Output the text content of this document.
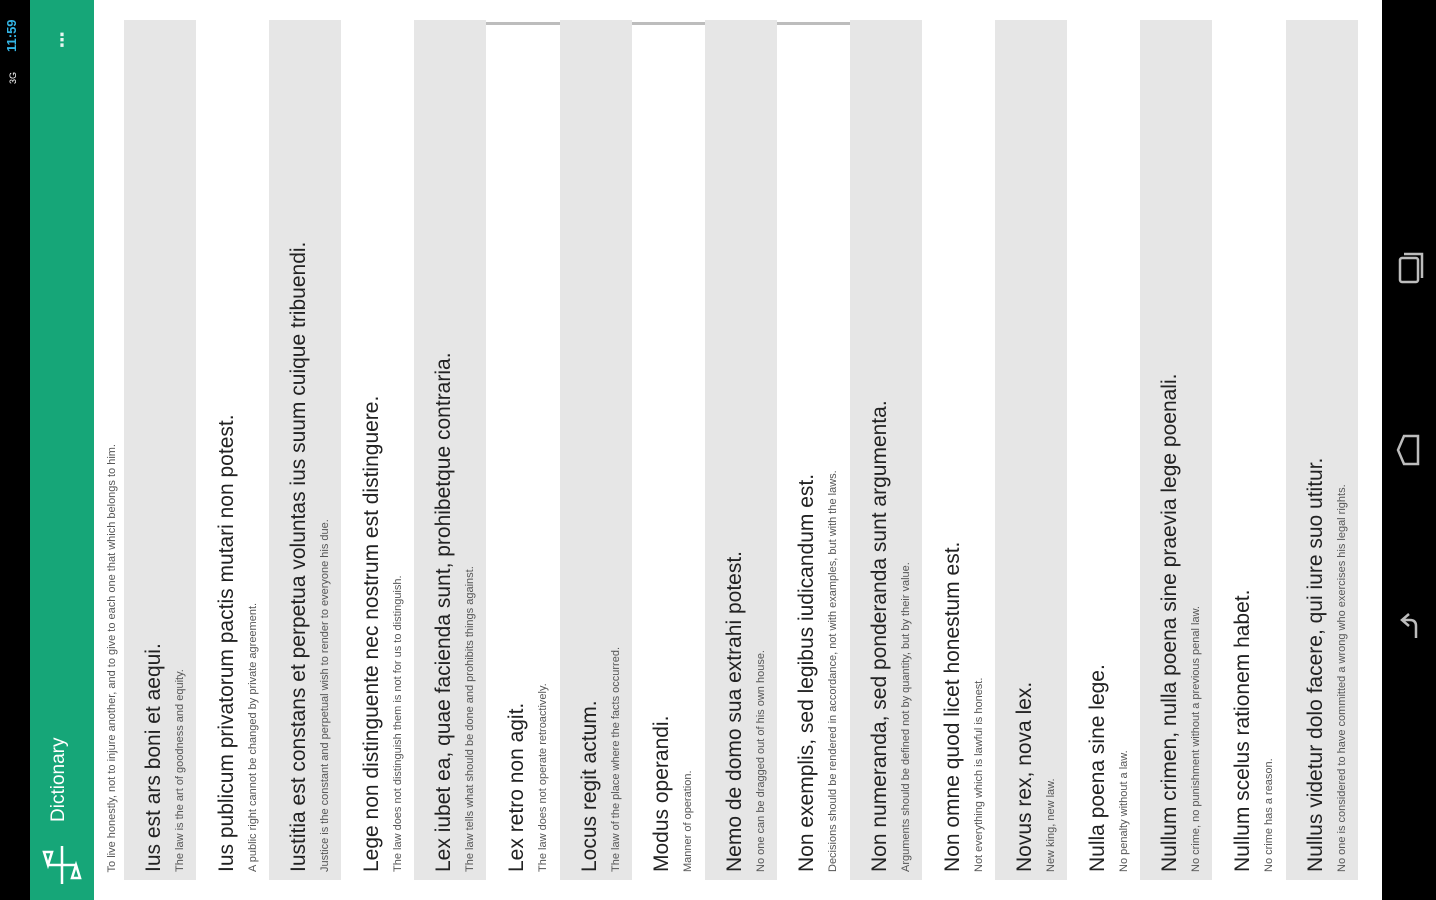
11:59
3G
⋮
Dictionary	To live honestly, not to injure another, and to give to each one that which belongs to him.	Ius est ars boni et aequi. The law is the art of goodness and equity.	Ius publicum privatorum pactis mutari non potest. A public right cannot be changed by private agreement.	Iustitia est constans et perpetua voluntas ius suum cuique tribuendi. Justice is the constant and perpetual wish to render to everyone his due.	Lege non distinguente nec nostrum est distinguere. The law does not distinguish them is not for us to distinguish.	Lex iubet ea, quae facienda sunt, prohibetque contraria. The law tells what should be done and prohibits things against.	Lex retro non agit. The law does not operate retroactively.	Locus regit actum. The law of the place where the facts occurred.	Modus operandi. Manner of operation.	Nemo de domo sua extrahi potest. No one can be dragged out of his own house.	Non exemplis, sed legibus iudicandum est. Decisions should be rendered in accordance, not with examples, but with the laws.	Non numeranda, sed ponderanda sunt argumenta. Arguments should be defined not by quantity, but by their value.	Non omne quod licet honestum est. Not everything which is lawful is honest.	Novus rex, nova lex. New king, new law.	Nulla poena sine lege. No penalty without a law.	Nullum crimen, nulla poena sine praevia lege poenali. No crime, no punishment without a previous penal law.	Nullum scelus rationem habet. No crime has a reason.	Nullus videtur dolo facere, qui iure suo utitur. No one is considered to have committed a wrong who exercises his legal rights.
